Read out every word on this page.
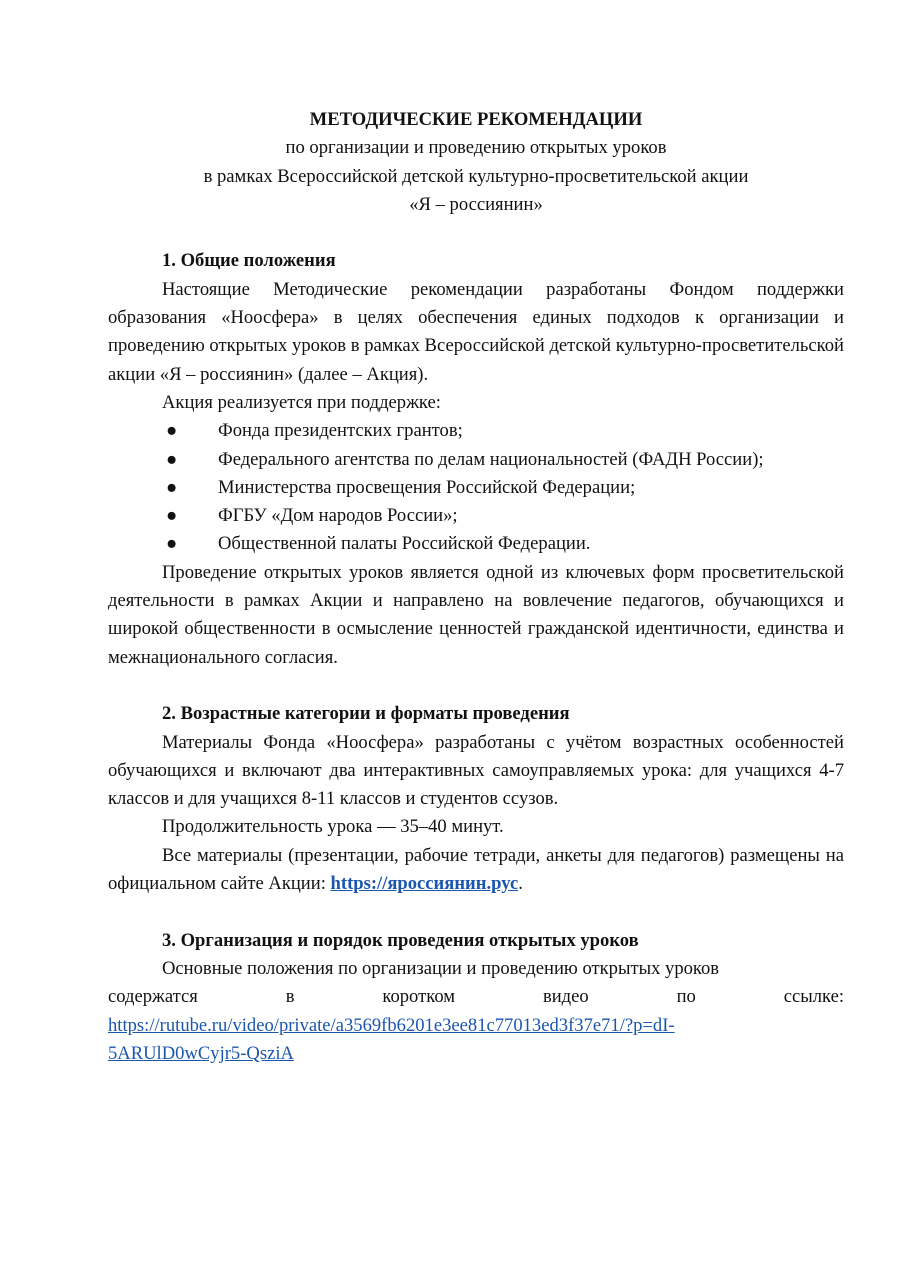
МЕТОДИЧЕСКИЕ РЕКОМЕНДАЦИИ
по организации и проведению открытых уроков
в рамках Всероссийской детской культурно-просветительской акции
«Я – россиянин»
1. Общие положения

Настоящие Методические рекомендации разработаны Фондом поддержки образования «Ноосфера» в целях обеспечения единых подходов к организации и проведению открытых уроков в рамках Всероссийской детской культурно-просветительской акции «Я – россиянин» (далее – Акция).

Акция реализуется при поддержке:

● Фонда президентских грантов;
● Федерального агентства по делам национальностей (ФАДН России);
● Министерства просвещения Российской Федерации;
● ФГБУ «Дом народов России»;
● Общественной палаты Российской Федерации.

Проведение открытых уроков является одной из ключевых форм просветительской деятельности в рамках Акции и направлено на вовлечение педагогов, обучающихся и широкой общественности в осмысление ценностей гражданской идентичности, единства и межнационального согласия.

2. Возрастные категории и форматы проведения

Материалы Фонда «Ноосфера» разработаны с учётом возрастных особенностей обучающихся и включают два интерактивных самоуправляемых урока: для учащихся 4-7 классов и для учащихся 8-11 классов и студентов ссузов.

Продолжительность урока — 35–40 минут.

Все материалы (презентации, рабочие тетради, анкеты для педагогов) размещены на официальном сайте Акции: https://яроссиянин.рус.

3. Организация и порядок проведения открытых уроков

Основные положения по организации и проведению открытых уроков

содержатся	в	коротком	видео	по	ссылке:
https://rutube.ru/video/private/a3569fb6201e3ee81c77013ed3f37e71/?p=dI-
5ARUlD0wCyjr5-QsziA
